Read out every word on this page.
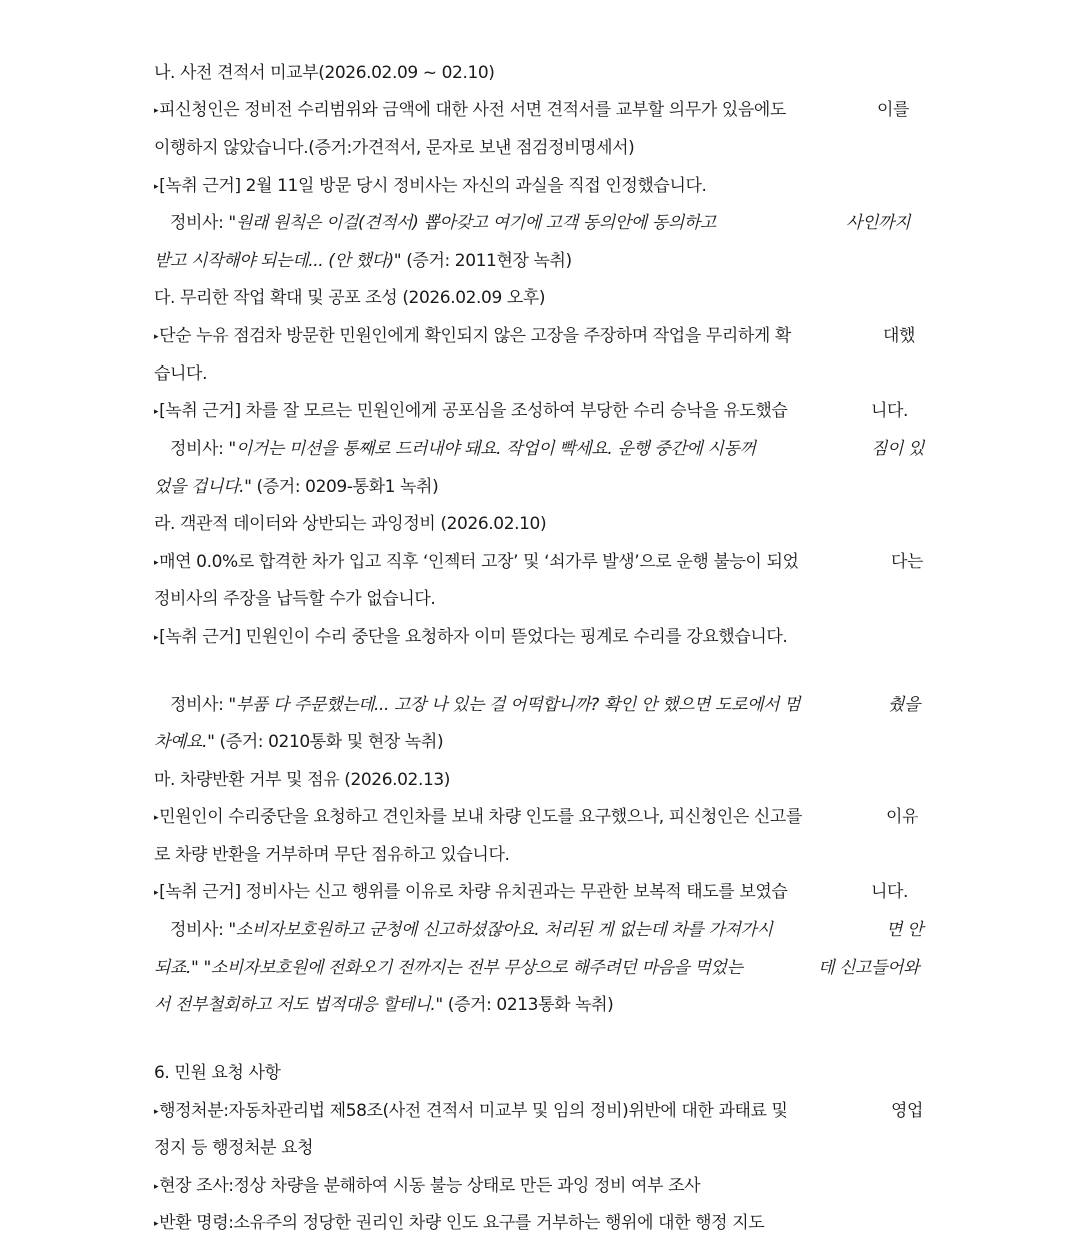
나. 사전 견적서 미교부(2026.02.09 ~ 02.10)
▸피신청인은 정비전 수리범위와 금액에 대한 사전 서면 견적서를 교부할 의무가 있음에도	이를
이행하지 않았습니다.(증거:가견적서, 문자로 보낸 점검정비명세서)
▸[녹취 근거] 2월 11일 방문 당시 정비사는 자신의 과실을 직접 인정했습니다.
정비사: "원래 원칙은 이걸(견적서) 뽑아갖고 여기에 고객 동의안에 동의하고	사인까지
받고 시작해야 되는데... (안 했다)" (증거: 2011현장 녹취)
다. 무리한 작업 확대 및 공포 조성 (2026.02.09 오후)
▸단순 누유 점검차 방문한 민원인에게 확인되지 않은 고장을 주장하며 작업을 무리하게 확	대했
습니다.
▸[녹취 근거] 차를 잘 모르는 민원인에게 공포심을 조성하여 부당한 수리 승낙을 유도했습	니다.
정비사: "이거는 미션을 통째로 드러내야 돼요. 작업이 빡세요. 운행 중간에 시동꺼	짐이 있
었을 겁니다." (증거: 0209-통화1 녹취)
라. 객관적 데이터와 상반되는 과잉정비 (2026.02.10)
▸매연 0.0%로 합격한 차가 입고 직후 ‘인젝터 고장’ 및 ‘쇠가루 발생’으로 운행 불능이 되었	다는
정비사의 주장을 납득할 수가 없습니다.
▸[녹취 근거] 민원인이 수리 중단을 요청하자 이미 뜯었다는 핑계로 수리를 강요했습니다.
정비사: "부품 다 주문했는데... 고장 나 있는 걸 어떡합니까? 확인 안 했으면 도로에서 멈	췄을
차예요." (증거: 0210통화 및 현장 녹취)
마. 차량반환 거부 및 점유 (2026.02.13)
▸민원인이 수리중단을 요청하고 견인차를 보내 차량 인도를 요구했으나, 피신청인은 신고를	이유
로 차량 반환을 거부하며 무단 점유하고 있습니다.
▸[녹취 근거] 정비사는 신고 행위를 이유로 차량 유치권과는 무관한 보복적 태도를 보였습	니다.
정비사: "소비자보호원하고 군청에 신고하셨잖아요. 처리된 게 없는데 차를 가져가시	면 안
되죠." "소비자보호원에 전화오기 전까지는 전부 무상으로 해주려던 마음을 먹었는	데 신고들어와
서 전부철회하고 저도 법적대응 할테니." (증거: 0213통화 녹취)
6. 민원 요청 사항
▸행정처분:자동차관리법 제58조(사전 견적서 미교부 및 임의 정비)위반에 대한 과태료 및	영업
정지 등 행정처분 요청
▸현장 조사:정상 차량을 분해하여 시동 불능 상태로 만든 과잉 정비 여부 조사
▸반환 명령:소유주의 정당한 권리인 차량 인도 요구를 거부하는 행위에 대한 행정 지도
